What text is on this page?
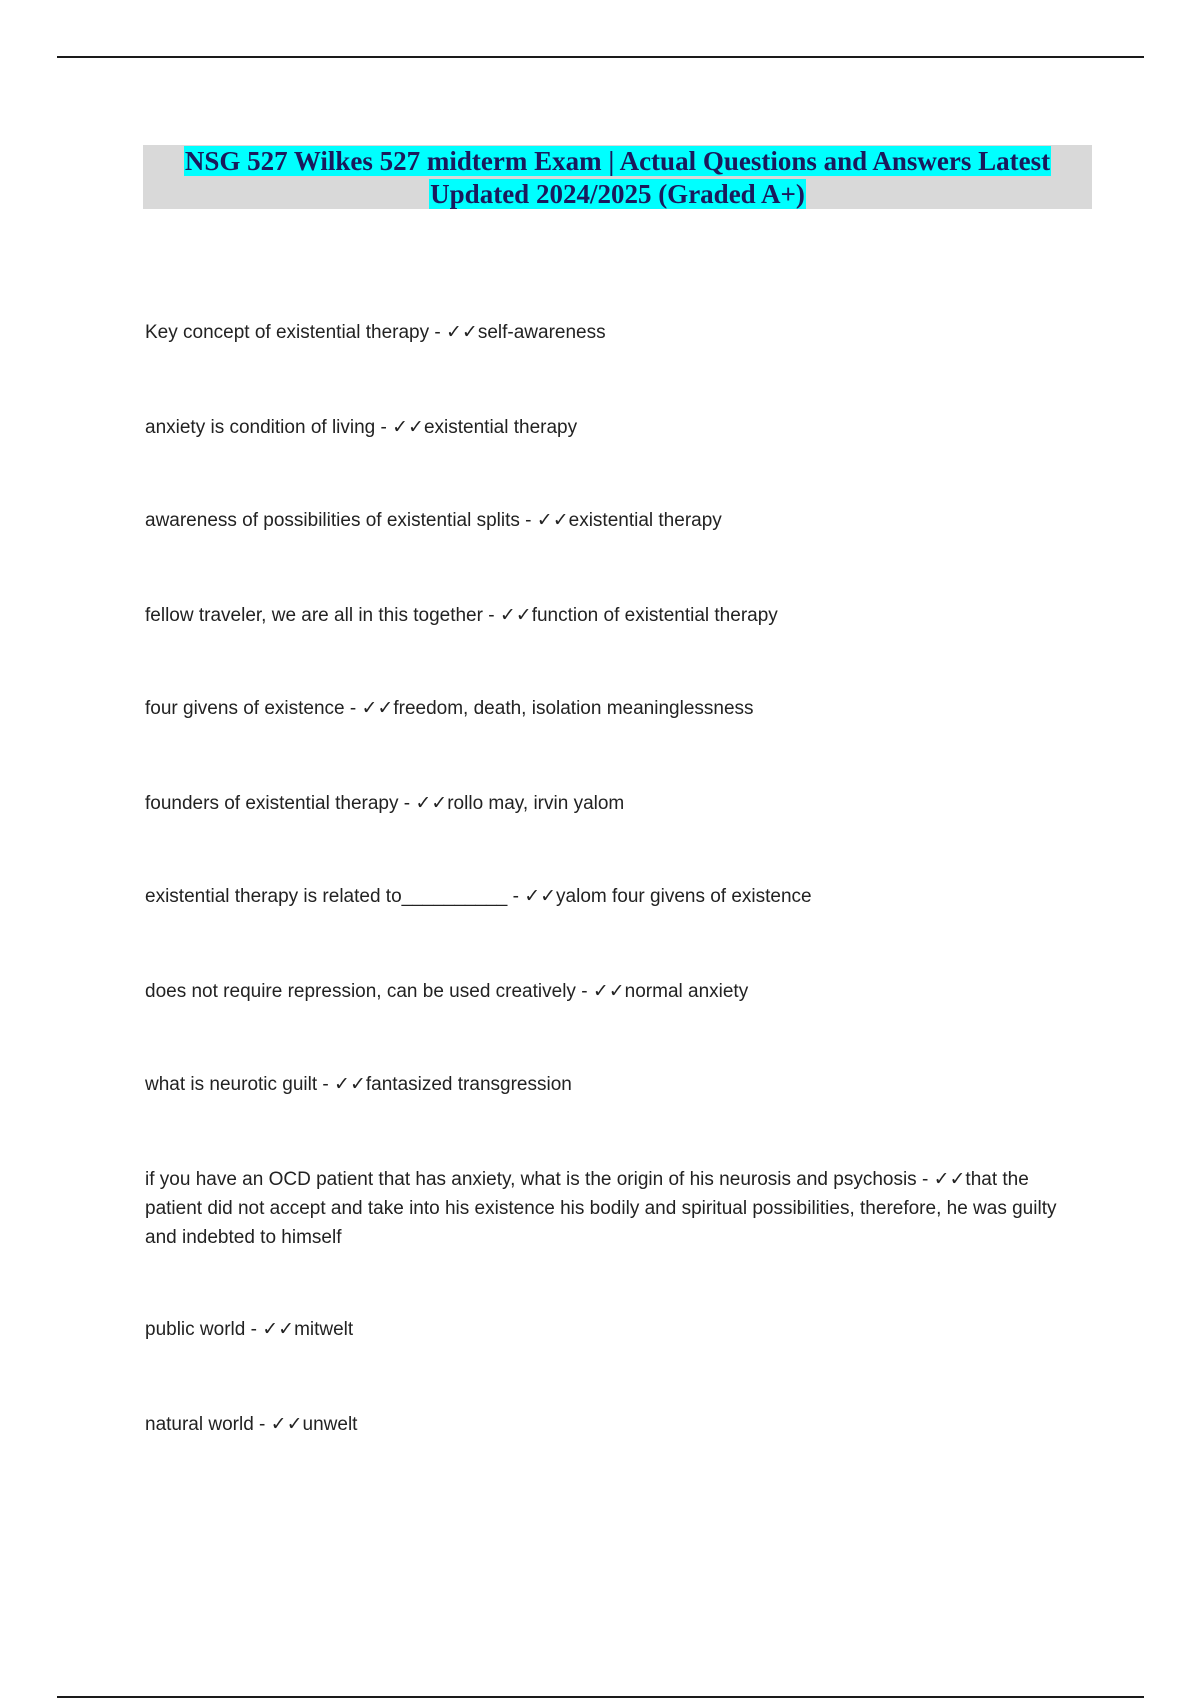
NSG 527 Wilkes 527 midterm Exam | Actual Questions and Answers Latest
Updated 2024/2025 (Graded A+)
Key concept of existential therapy - ✓✓self-awareness
anxiety is condition of living - ✓✓existential therapy
awareness of possibilities of existential splits - ✓✓existential therapy
fellow traveler, we are all in this together - ✓✓function of existential therapy
four givens of existence - ✓✓freedom, death, isolation meaninglessness
founders of existential therapy - ✓✓rollo may, irvin yalom
existential therapy is related to__________ - ✓✓yalom four givens of existence
does not require repression, can be used creatively - ✓✓normal anxiety
what is neurotic guilt - ✓✓fantasized transgression
if you have an OCD patient that has anxiety, what is the origin of his neurosis and psychosis - ✓✓that the patient did not accept and take into his existence his bodily and spiritual possibilities, therefore, he was guilty and indebted to himself
public world - ✓✓mitwelt
natural world - ✓✓unwelt
